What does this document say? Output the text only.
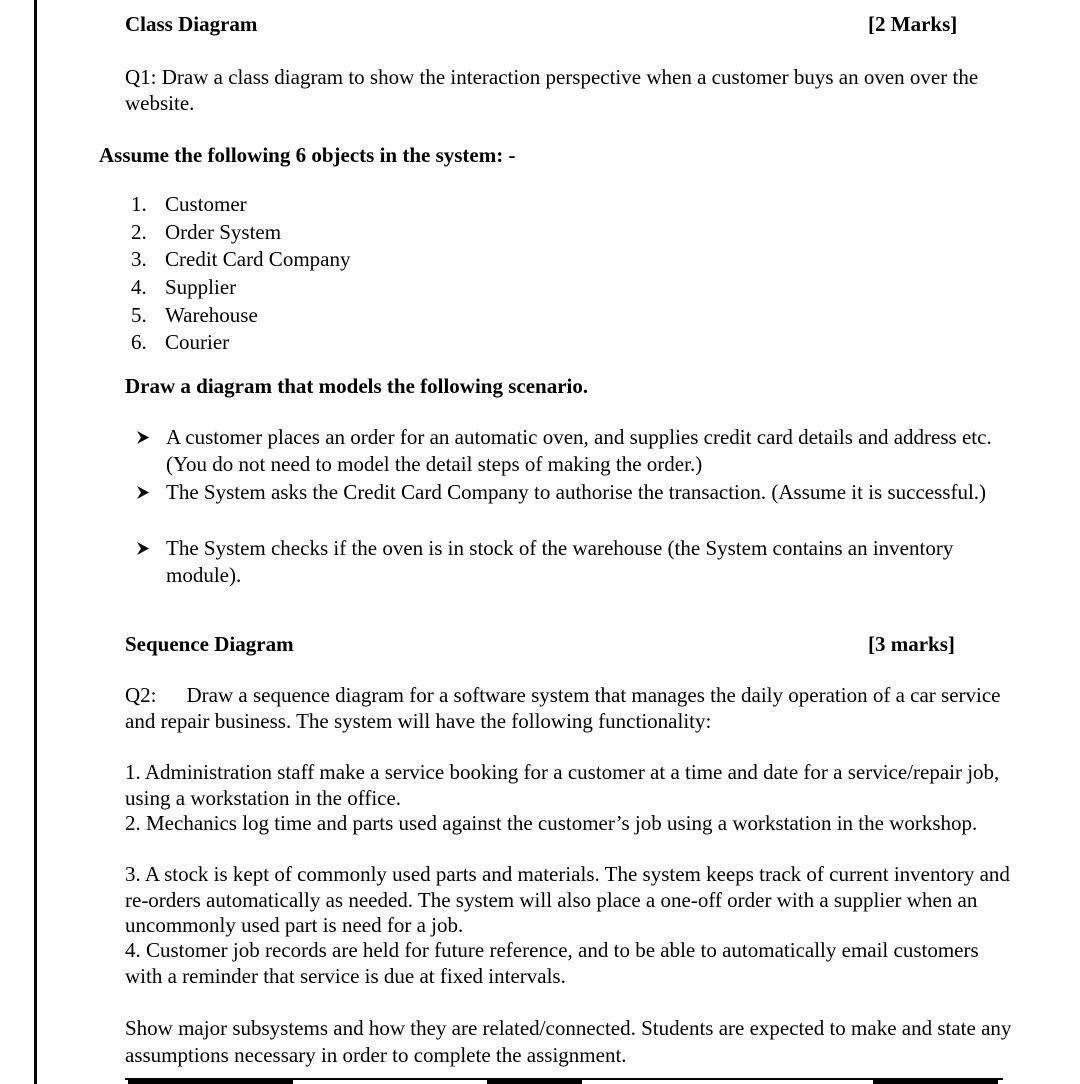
Class Diagram	[2 Marks]
Q1: Draw a class diagram to show the interaction perspective when a customer buys an oven over the website.
Assume the following 6 objects in the system: -
1. Customer
2. Order System
3. Credit Card Company
4. Supplier
5. Warehouse
6. Courier
Draw a diagram that models the following scenario.
A customer places an order for an automatic oven, and supplies credit card details and address etc. (You do not need to model the detail steps of making the order.)
The System asks the Credit Card Company to authorise the transaction. (Assume it is successful.)
The System checks if the oven is in stock of the warehouse (the System contains an inventory module).
Sequence Diagram	[3 marks]
Q2: Draw a sequence diagram for a software system that manages the daily operation of a car service and repair business. The system will have the following functionality:
1. Administration staff make a service booking for a customer at a time and date for a service/repair job, using a workstation in the office.
2. Mechanics log time and parts used against the customer’s job using a workstation in the workshop.
3. A stock is kept of commonly used parts and materials. The system keeps track of current inventory and re-orders automatically as needed. The system will also place a one-off order with a supplier when an uncommonly used part is need for a job.
4. Customer job records are held for future reference, and to be able to automatically email customers with a reminder that service is due at fixed intervals.
Show major subsystems and how they are related/connected. Students are expected to make and state any assumptions necessary in order to complete the assignment.
